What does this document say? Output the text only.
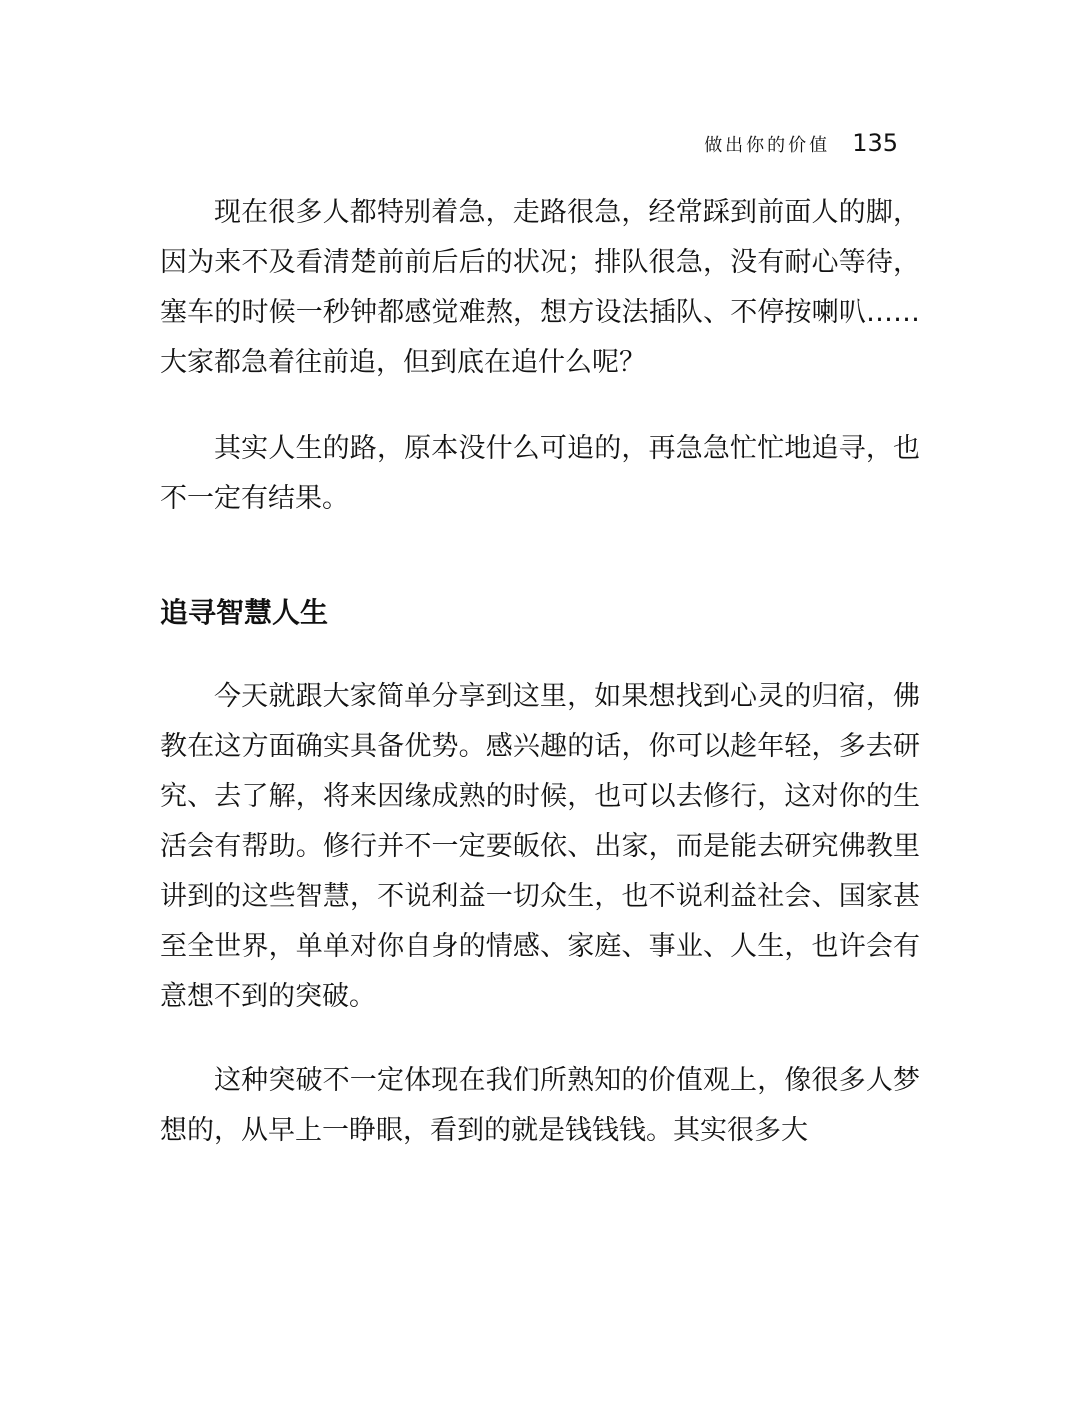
做出你的价值 135

现在很多人都特别着急，走路很急，经常踩到前面人的脚，因为来不及看清楚前前后后的状况；排队很急，没有耐心等待，塞车的时候一秒钟都感觉难熬，想方设法插队、不停按喇叭……大家都急着往前追，但到底在追什么呢？

其实人生的路，原本没什么可追的，再急急忙忙地追寻，也不一定有结果。

追寻智慧人生

今天就跟大家简单分享到这里，如果想找到心灵的归宿，佛教在这方面确实具备优势。感兴趣的话，你可以趁年轻，多去研究、去了解，将来因缘成熟的时候，也可以去修行，这对你的生活会有帮助。修行并不一定要皈依、出家，而是能去研究佛教里讲到的这些智慧，不说利益一切众生，也不说利益社会、国家甚至全世界，单单对你自身的情感、家庭、事业、人生，也许会有意想不到的突破。

这种突破不一定体现在我们所熟知的价值观上，像很多人梦想的，从早上一睁眼，看到的就是钱钱钱。其实很多大
